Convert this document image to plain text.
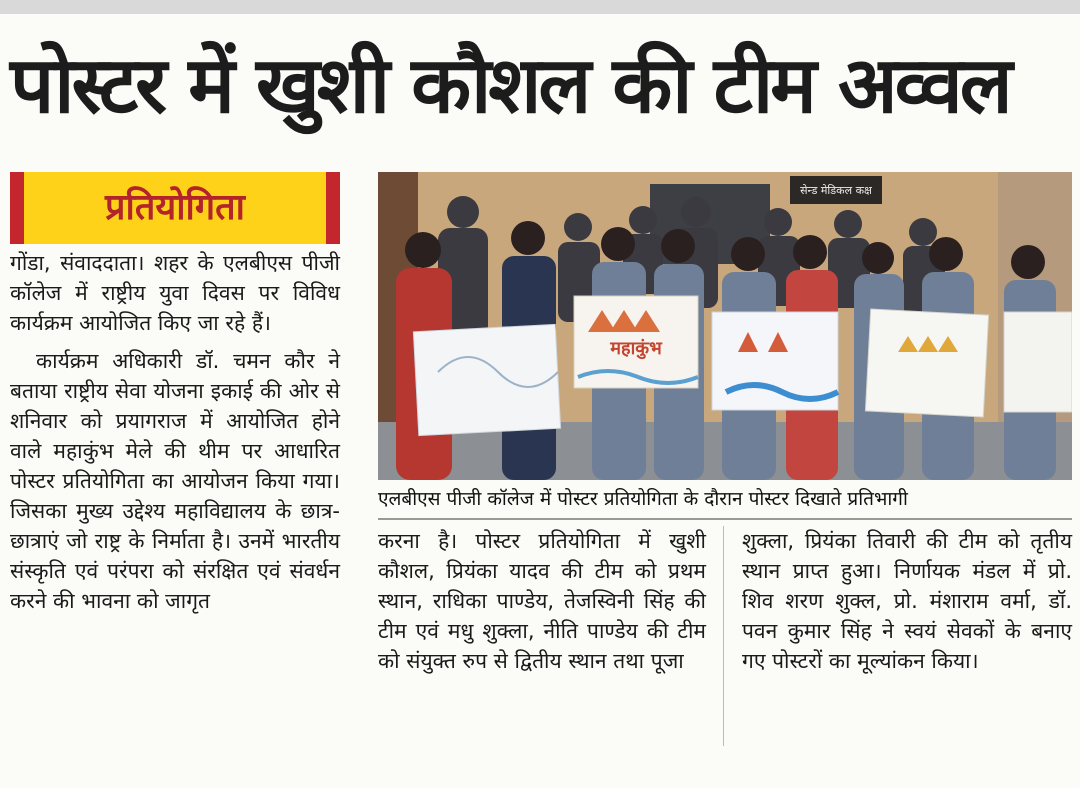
पोस्टर में खुशी कौशल की टीम अव्वल
प्रतियोगिता

गोंडा, संवाददाता। शहर के एलबीएस पीजी कॉलेज में राष्ट्रीय युवा दिवस पर विविध कार्यक्रम आयोजित किए जा रहे हैं।

कार्यक्रम अधिकारी डॉ. चमन कौर ने बताया राष्ट्रीय सेवा योजना इकाई की ओर से शनिवार को प्रयागराज में आयोजित होने वाले महाकुंभ मेले की थीम पर आधारित पोस्टर प्रतियोगिता का आयोजन किया गया। जिसका मुख्य उद्देश्य महाविद्यालय के छात्र-छात्राएं जो राष्ट्र के निर्माता है। उनमें भारतीय संस्कृति एवं परंपरा को संरक्षित एवं संवर्धन करने की भावना को जागृत

सेन्ड मेडिकल कक्ष
महाकुंभ
एलबीएस पीजी कॉलेज में पोस्टर प्रतियोगिता के दौरान पोस्टर दिखाते प्रतिभागी

करना है। पोस्टर प्रतियोगिता में खुशी कौशल, प्रियंका यादव की टीम को प्रथम स्थान, राधिका पाण्डेय, तेजस्विनी सिंह की टीम एवं मधु शुक्ला, नीति पाण्डेय की टीम को संयुक्त रुप से द्वितीय स्थान तथा पूजा

शुक्ला, प्रियंका तिवारी की टीम को तृतीय स्थान प्राप्त हुआ। निर्णायक मंडल में प्रो. शिव शरण शुक्ल, प्रो. मंशाराम वर्मा, डॉ. पवन कुमार सिंह ने स्वयं सेवकों के बनाए गए पोस्टरों का मूल्यांकन किया।
